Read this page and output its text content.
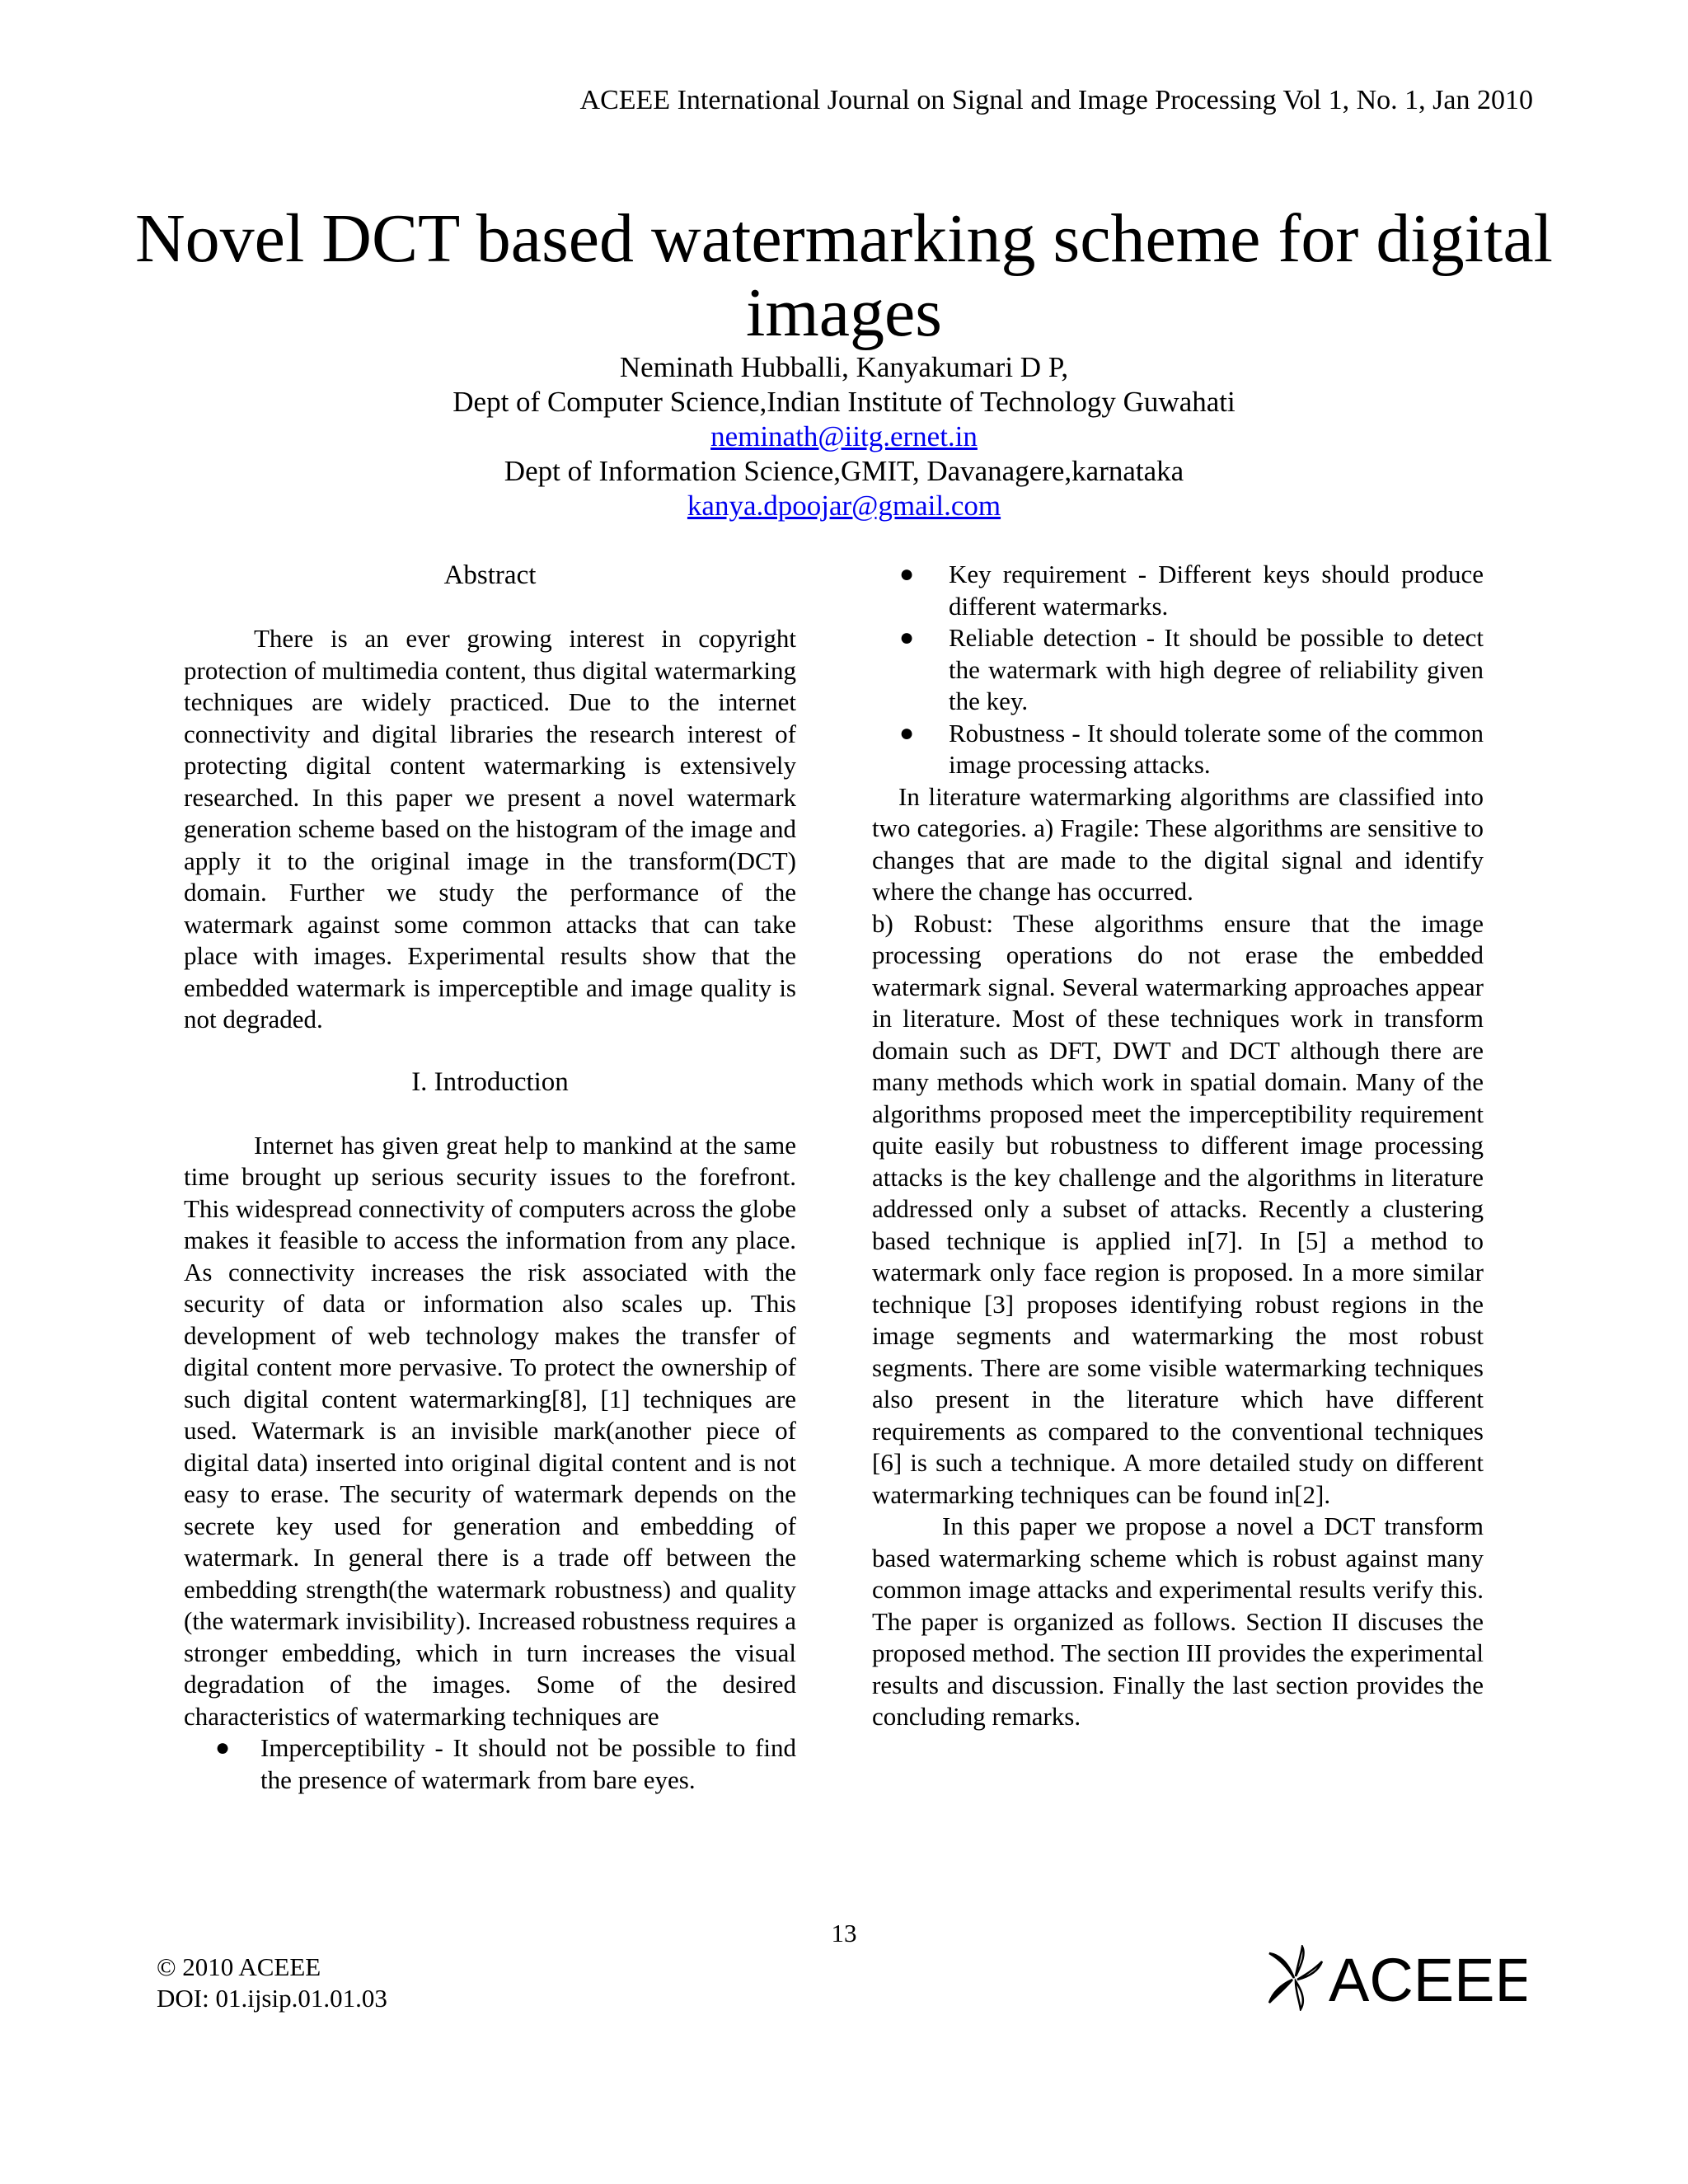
ACEEE International Journal on Signal and Image Processing Vol 1, No. 1, Jan 2010
Novel DCT based watermarking scheme for digital
images
Neminath Hubballi, Kanyakumari D P,
Dept of Computer Science,Indian Institute of Technology Guwahati
neminath@iitg.ernet.in
Dept of Information Science,GMIT, Davanagere,karnataka
kanya.dpoojar@gmail.com
Abstract

There is an ever growing interest in copyright protection of multimedia content, thus digital watermarking techniques are widely practiced. Due to the internet connectivity and digital libraries the research interest of protecting digital content watermarking is extensively researched. In this paper we present a novel watermark generation scheme based on the histogram of the image and apply it to the original image in the transform(DCT) domain. Further we study the performance of the watermark against some common attacks that can take place with images. Experimental results show that the embedded watermark is imperceptible and image quality is not degraded.

I. Introduction

Internet has given great help to mankind at the same time brought up serious security issues to the forefront. This widespread connectivity of computers across the globe makes it feasible to access the information from any place. As connectivity increases the risk associated with the security of data or information also scales up. This development of web technology makes the transfer of digital content more pervasive. To protect the ownership of such digital content watermarking[8], [1] techniques are used. Watermark is an invisible mark(another piece of digital data) inserted into original digital content and is not easy to erase. The security of watermark depends on the secrete key used for generation and embedding of watermark. In general there is a trade off between the embedding strength(the watermark robustness) and quality (the watermark invisibility). Increased robustness requires a stronger embedding, which in turn increases the visual degradation of the images. Some of the desired characteristics of watermarking techniques are

● Imperceptibility - It should not be possible to find the presence of watermark from bare eyes.
● Key requirement - Different keys should produce different watermarks.
● Reliable detection - It should be possible to detect the watermark with high degree of reliability given the key.
● Robustness - It should tolerate some of the common image processing attacks.

In literature watermarking algorithms are classified into two categories. a) Fragile: These algorithms are sensitive to changes that are made to the digital signal and identify where the change has occurred.

b) Robust: These algorithms ensure that the image processing operations do not erase the embedded watermark signal. Several watermarking approaches appear in literature. Most of these techniques work in transform domain such as DFT, DWT and DCT although there are many methods which work in spatial domain. Many of the algorithms proposed meet the imperceptibility requirement quite easily but robustness to different image processing attacks is the key challenge and the algorithms in literature addressed only a subset of attacks. Recently a clustering based technique is applied in[7]. In [5] a method to watermark only face region is proposed. In a more similar technique [3] proposes identifying robust regions in the image segments and watermarking the most robust segments. There are some visible watermarking techniques also present in the literature which have different requirements as compared to the conventional techniques [6] is such a technique. A more detailed study on different watermarking techniques can be found in[2].

In this paper we propose a novel a DCT transform based watermarking scheme which is robust against many common image attacks and experimental results verify this. The paper is organized as follows. Section II discuses the proposed method. The section III provides the experimental results and discussion. Finally the last section provides the concluding remarks.

13
© 2010 ACEEE
DOI: 01.ijsip.01.01.03	ACEEE
